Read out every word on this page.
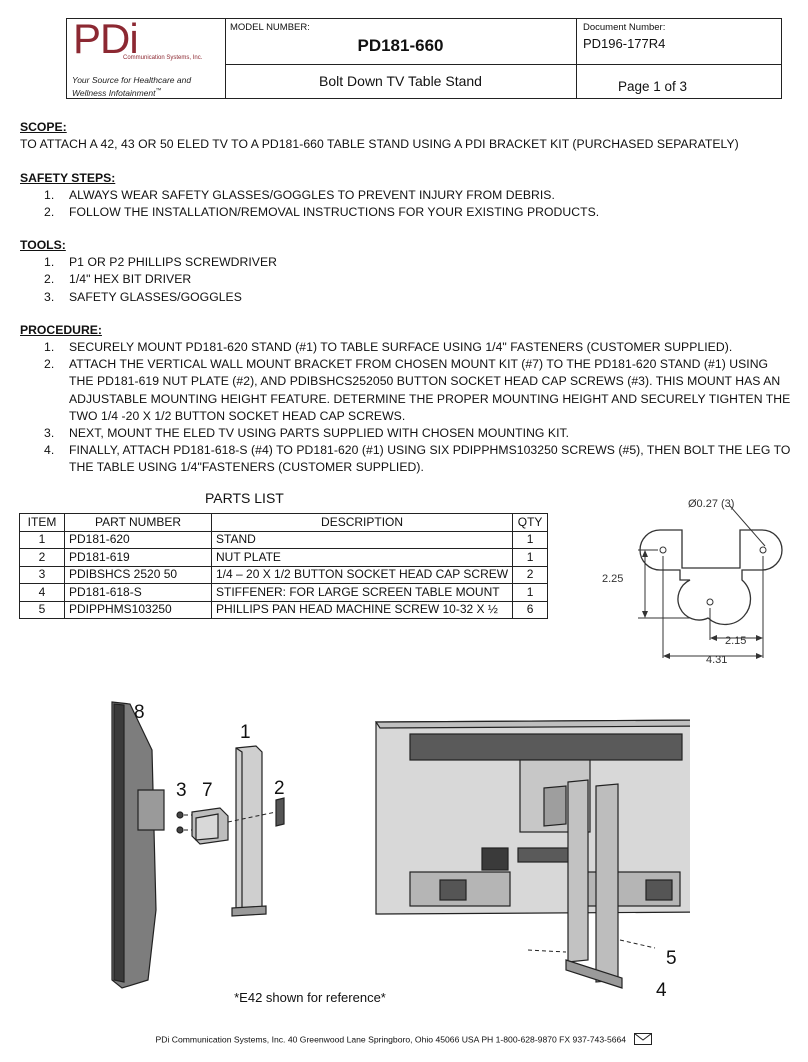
PDi
Communication Systems, Inc.
Your Source for Healthcare and
Wellness Infotainment™
MODEL NUMBER:
PD181-660
Document Number:
PD196-177R4
Bolt Down TV Table Stand	Page 1 of 3
SCOPE:
TO ATTACH A 42, 43 OR 50 ELED TV TO A PD181-660 TABLE STAND USING A PDI BRACKET KIT (PURCHASED SEPARATELY)
SAFETY STEPS:
1. ALWAYS WEAR SAFETY GLASSES/GOGGLES TO PREVENT INJURY FROM DEBRIS.
2. FOLLOW THE INSTALLATION/REMOVAL INSTRUCTIONS FOR YOUR EXISTING PRODUCTS.
TOOLS:
1. P1 OR P2 PHILLIPS SCREWDRIVER
2. 1/4" HEX BIT DRIVER
3. SAFETY GLASSES/GOGGLES
PROCEDURE:
1. SECURELY MOUNT PD181-620 STAND (#1) TO TABLE SURFACE USING 1/4" FASTENERS (CUSTOMER SUPPLIED).
2. ATTACH THE VERTICAL WALL MOUNT BRACKET FROM CHOSEN MOUNT KIT (#7) TO THE PD181-620 STAND (#1) USING THE PD181-619 NUT PLATE (#2), AND PDIBSHCS252050 BUTTON SOCKET HEAD CAP SCREWS (#3). THIS MOUNT HAS AN ADJUSTABLE MOUNTING HEIGHT FEATURE. DETERMINE THE PROPER MOUNTING HEIGHT AND SECURELY TIGHTEN THE TWO 1/4 -20 X 1/2 BUTTON SOCKET HEAD CAP SCREWS.
3. NEXT, MOUNT THE ELED TV USING PARTS SUPPLIED WITH CHOSEN MOUNTING KIT.
4. FINALLY, ATTACH PD181-618-S (#4) TO PD181-620 (#1) USING SIX PDIPPHMS103250 SCREWS (#5), THEN BOLT THE LEG TO THE TABLE USING 1/4"FASTENERS (CUSTOMER SUPPLIED).
PARTS LIST
ITEM	PART NUMBER	DESCRIPTION	QTY
1	PD181-620	STAND	1
2	PD181-619	NUT PLATE	1
3	PDIBSHCS 2520 50	1/4 – 20 X 1/2 BUTTON SOCKET HEAD CAP SCREW	2
4	PD181-618-S	STIFFENER: FOR LARGE SCREEN TABLE MOUNT	1
5	PDIPPHMS103250	PHILLIPS PAN HEAD MACHINE SCREW 10-32 X ½	6
Ø0.27 (3)
2.25
2.15
4.31
8
1
3 7	2
5
4
*E42 shown for reference*
PDi Communication Systems, Inc. 40 Greenwood Lane Springboro, Ohio 45066 USA PH 1-800-628-9870 FX 937-743-5664
